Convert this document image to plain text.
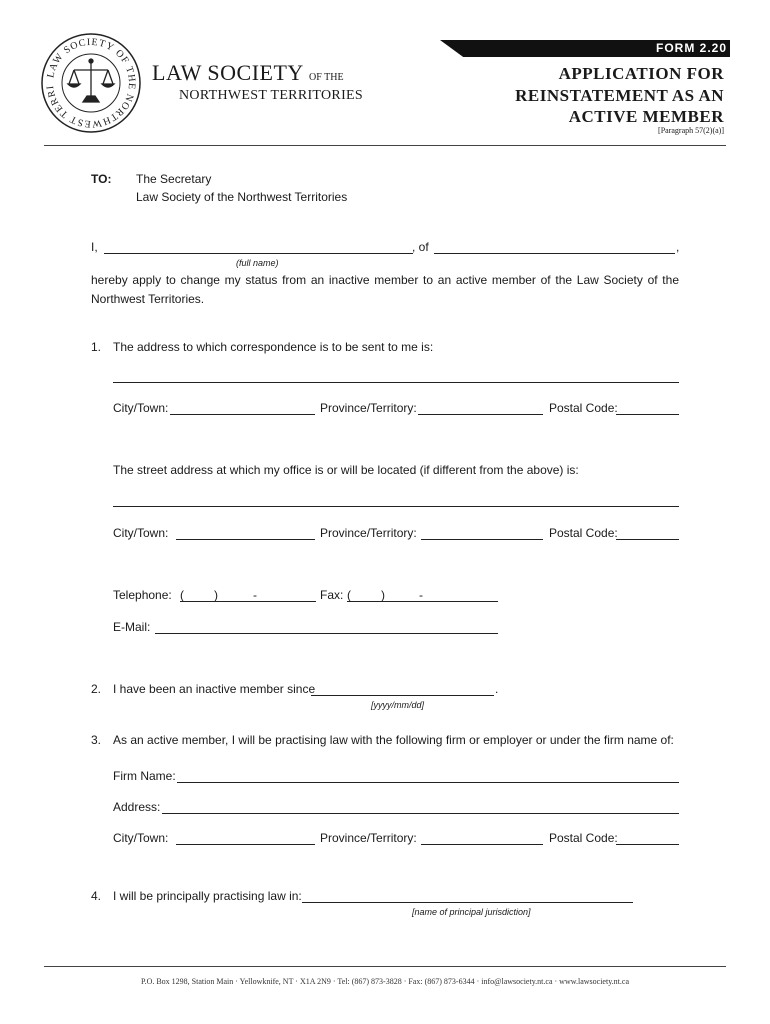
LAW SOCIETY OF THE NORTHWEST TERRI
LAW SOCIETY OF THE
NORTHWEST TERRITORIES
FORM 2.20
APPLICATION FOR
REINSTATEMENT AS AN
ACTIVE MEMBER
[Paragraph 57(2)(a)]
TO: The Secretary
Law Society of the Northwest Territories
I,	, of	,
(full name)
hereby apply to change my status from an inactive member to an active member of the Law Society of the Northwest Territories.
1. The address to which correspondence is to be sent to me is:
City/Town:	Province/Territory:	Postal Code:
The street address at which my office is or will be located (if different from the above) is:
City/Town:	Province/Territory:	Postal Code:
Telephone: (	)	-	Fax: (	)	-
E-Mail:
2. I have been an inactive member since	.
[yyyy/mm/dd]
3. As an active member, I will be practising law with the following firm or employer or under the firm name of:
Firm Name:
Address:
City/Town:	Province/Territory:	Postal Code:
4. I will be principally practising law in:
[name of principal jurisdiction]
P.O. Box 1298, Station Main · Yellowknife, NT · X1A 2N9 · Tel: (867) 873-3828 · Fax: (867) 873-6344 · info@lawsociety.nt.ca · www.lawsociety.nt.ca
